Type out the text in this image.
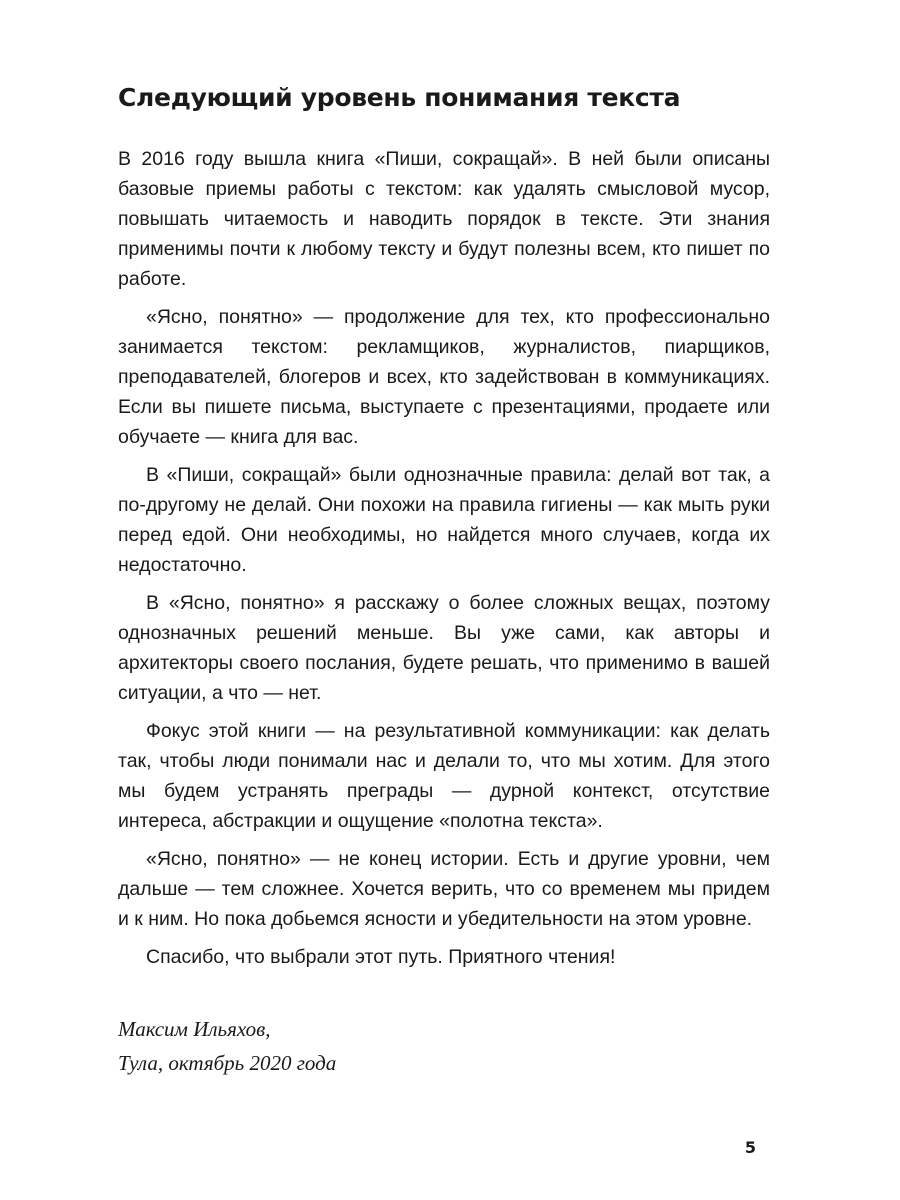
Следующий уровень понимания текста

В 2016 году вышла книга «Пиши, сокращай». В ней были описаны базовые приемы работы с текстом: как удалять смысловой мусор, повышать читаемость и наводить порядок в тексте. Эти знания применимы почти к любому тексту и будут полезны всем, кто пишет по работе.

«Ясно, понятно» — продолжение для тех, кто профессионально занимается текстом: рекламщиков, журналистов, пиарщиков, преподавателей, блогеров и всех, кто задействован в коммуникациях. Если вы пишете письма, выступаете с презентациями, продаете или обучаете — книга для вас.

В «Пиши, сокращай» были однозначные правила: делай вот так, а по-другому не делай. Они похожи на правила гигиены — как мыть руки перед едой. Они необходимы, но найдется много случаев, когда их недостаточно.

В «Ясно, понятно» я расскажу о более сложных вещах, поэтому однозначных решений меньше. Вы уже сами, как авторы и архитекторы своего послания, будете решать, что применимо в вашей ситуации, а что — нет.

Фокус этой книги — на результативной коммуникации: как делать так, чтобы люди понимали нас и делали то, что мы хотим. Для этого мы будем устранять преграды — дурной контекст, отсутствие интереса, абстракции и ощущение «полотна текста».

«Ясно, понятно» — не конец истории. Есть и другие уровни, чем дальше — тем сложнее. Хочется верить, что со временем мы придем и к ним. Но пока добьемся ясности и убедительности на этом уровне.

Спасибо, что выбрали этот путь. Приятного чтения!

Максим Ильяхов,
Тула, октябрь 2020 года
5
